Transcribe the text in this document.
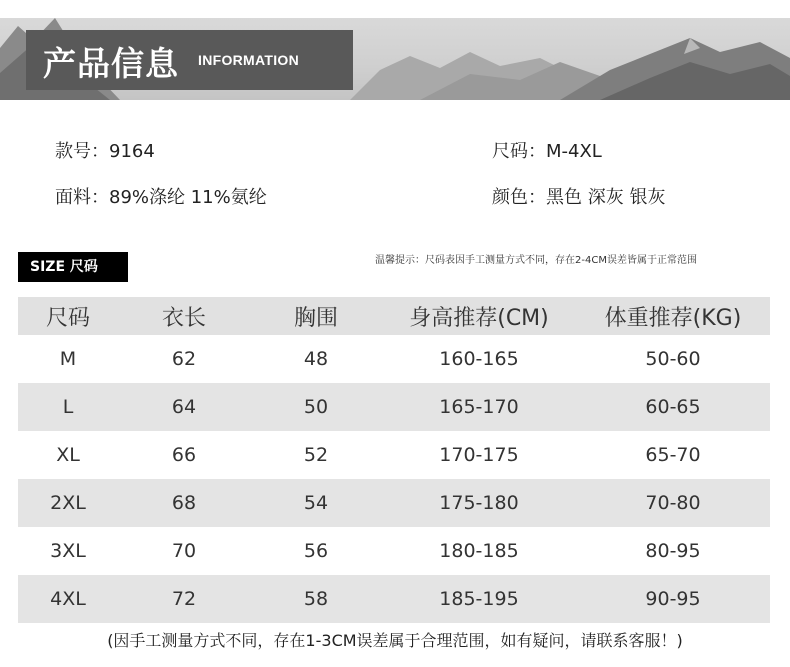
产品信息 INFORMATION
款号：9164	尺码：M-4XL
面料：89%涤纶 11%氨纶	颜色：黑色 深灰 银灰
SIZE 尺码	温馨提示：尺码表因手工测量方式不同，存在2-4CM误差皆属于正常范围
尺码	衣长	胸围	身高推荐(CM)	体重推荐(KG)
M	62	48	160-165	50-60
L	64	50	165-170	60-65
XL	66	52	170-175	65-70
2XL	68	54	175-180	70-80
3XL	70	56	180-185	80-95
4XL	72	58	185-195	90-95
(因手工测量方式不同，存在1-3CM误差属于合理范围，如有疑问，请联系客服！)
